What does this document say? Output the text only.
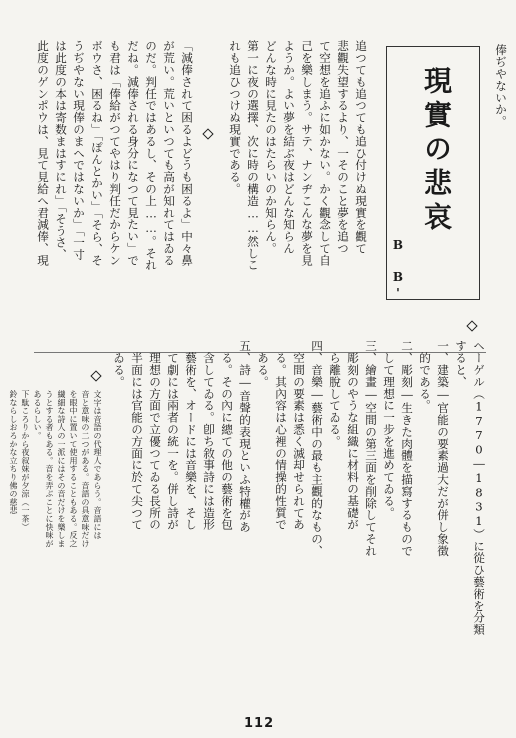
現實の悲哀
B B'
追つても追つても追ひ付けぬ現實を觀て
悲觀失望するより、一そのこと夢を追つ
て空想を追ふに如かない。かく觀念して自
己を樂しまう。サテ、ナンヂこんな夢を見
ようか。よい夢を結ぶ夜はどんな知らん
どんな時に見たのはたらいのか知らん。
第一に夜の選擇、次に時の構造……然しこ
れも追ひつけぬ現實である。
「減俸されて困るよどうも困るよ」中々鼻
が荒い。荒いといつても高が知れてはゐる
のだ。判任ではあるし、その上……。それ
だね。減俸される身分になつて見たい」で
も君は「俸給がつてやはり判任だからケン
ボウさ、困るね」「ぽんとかい」「そら、そ
うぢやない現俸のまへではないか」「一寸
は此度の本は寄数まはすにれ」「そうさ、
此度のゲンポウは、見て見給へ君減俸、現	俸ぢやないか。
ヘーゲル（1770―1831）に從ひ藝術を分類
すると、
一、建築―官能の要素過大だが併し象徴
　的である。
二、彫刻―生きた肉體を描寫するもので
　して理想に一步を進めてゐる。
三、繪畫―空間の第三面を削除してそれ
　彫刻のやうな組織に材料の基礎が
　ら離脫してゐる。
四、音樂―藝術中の最も主觀的なもの、
　空間の要素は悉く滅却せられてあ
　る。其內容は心裡の情操的性質で
　ある。
五、詩―音聲的表現といふ特權があ
　る。その內に總ての他の藝術を包
　含してゐる。卽ち敘事詩には造形
　藝術を、オードには音樂を、そし
　て劇には兩者の統一を。併し詩が
　理想の方面で立優つてゐる長所の
　半面には官能の方面に於て尖つて
　ゐる。
文字は音語の代理人であらう。音語には
音と意味の二つがある。音語の具意味だけ
を眼中に置いて使用することもある。反之
繊細な詩人の一派にはその音だけを樂しま
うとする者もある。音を弄ぶことに快味が
あるらしい。
下駄ころりから夜叙妹が夕涼（一茶）
鈴ならしおろかな立ちり佛の慈悲
112
